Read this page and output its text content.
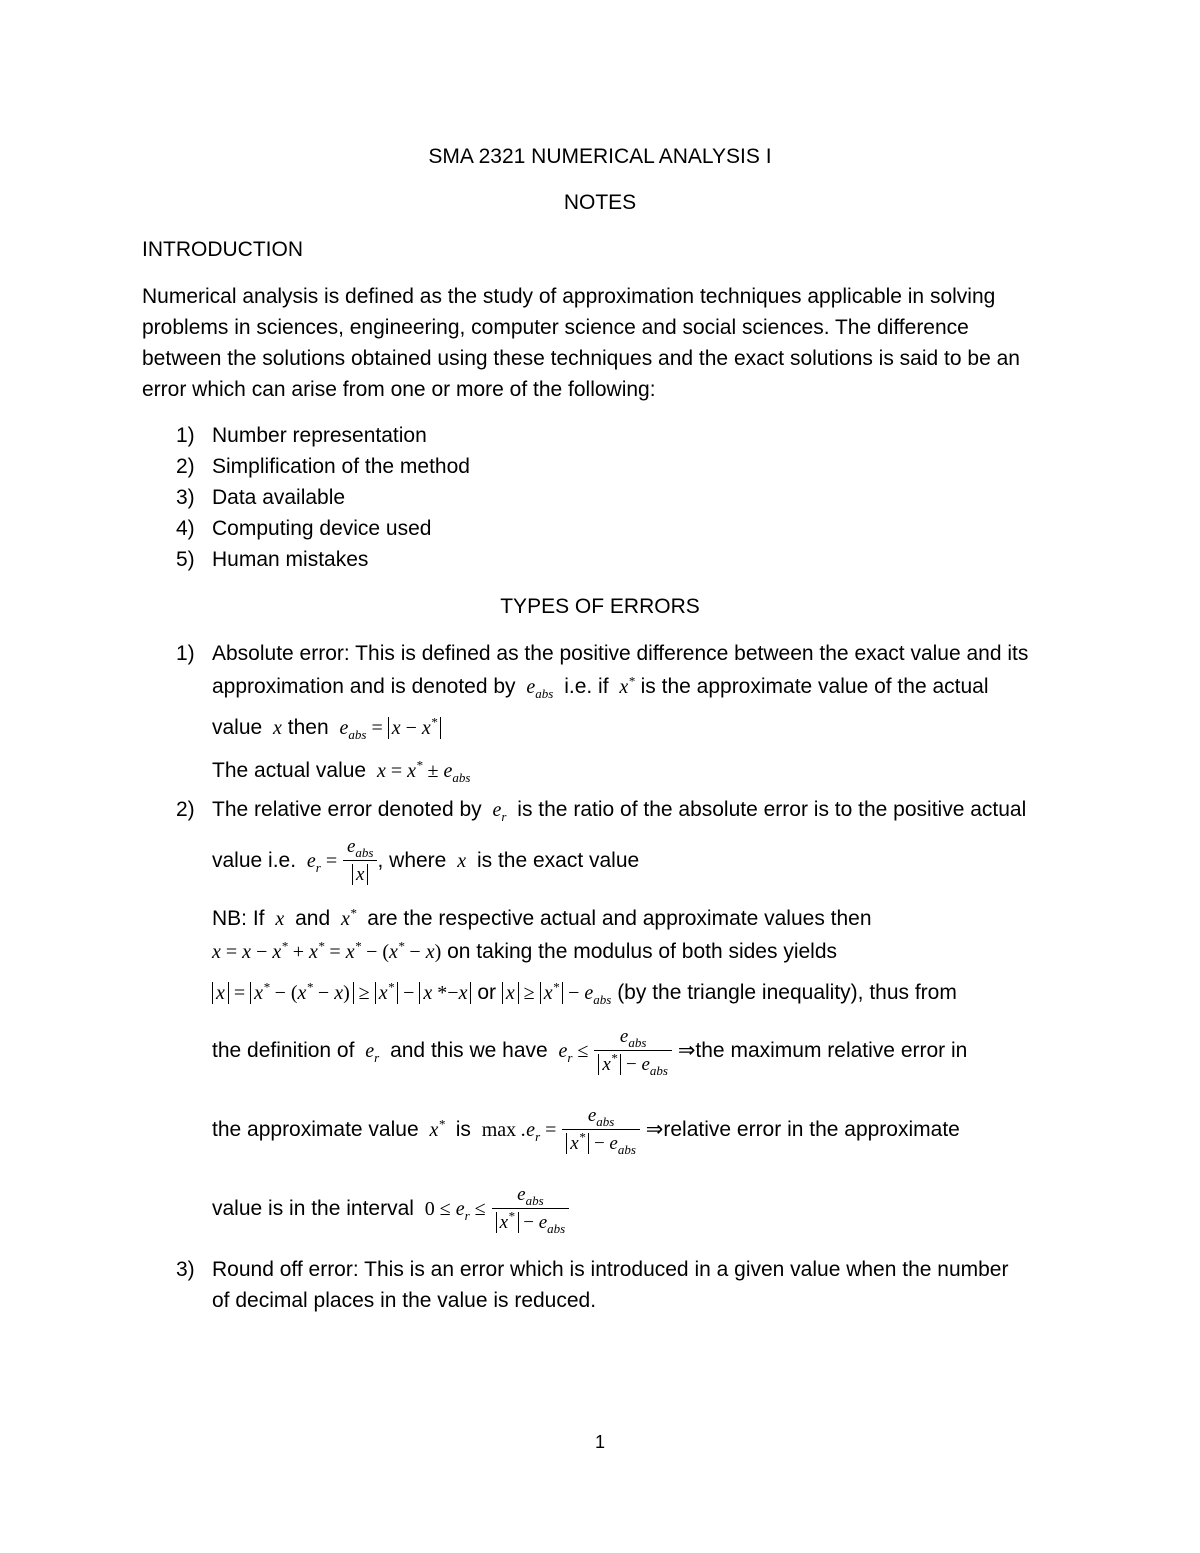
SMA 2321 NUMERICAL ANALYSIS I
NOTES
INTRODUCTION
Numerical analysis is defined as the study of approximation techniques applicable in solving
problems in sciences, engineering, computer science and social sciences. The difference
between the solutions obtained using these techniques and the exact solutions is said to be an
error which can arise from one or more of the following:
1) Number representation
2) Simplification of the method
3) Data available
4) Computing device used
5) Human mistakes
TYPES OF ERRORS
1) Absolute error: This is defined as the positive difference between the exact value and its
approximation and is denoted by  $e_{abs}$ i.e. if  x* is the approximate value of the actual
value  x then  $e_{abs} = x - x^*$
The actual value  $x = x^* \pm e_{abs}$
2) The relative error denoted by  $e_r$ is the ratio of the absolute error is to the positive actual
value i.e.  $e_r = \frac{e_{abs}}{x}$ , where  x  is the exact value
NB: If  x  and  x* are the respective actual and approximate values then
x = x − x* + x* = x* − (x* − x) on taking the modulus of both sides yields
x = x* − (x* − x) ≥ x* − x *−x or $x \ge x^* - e_{abs}$ (by the triangle inequality), thus from
the definition of  $e_r$ and this we have  $e_r \le \frac{e_{abs}}{x^* - e_{abs}}$ ⇒the maximum relative error in
the approximate value  x* is $\max .e_r = \frac{e_{abs}}{x^* - e_{abs}}$ ⇒relative error in the approximate
value is in the interval $0 \le e_r \le \frac{e_{abs}}{x^* - e_{abs}}$
3) Round off error: This is an error which is introduced in a given value when the number
of decimal places in the value is reduced.
1
